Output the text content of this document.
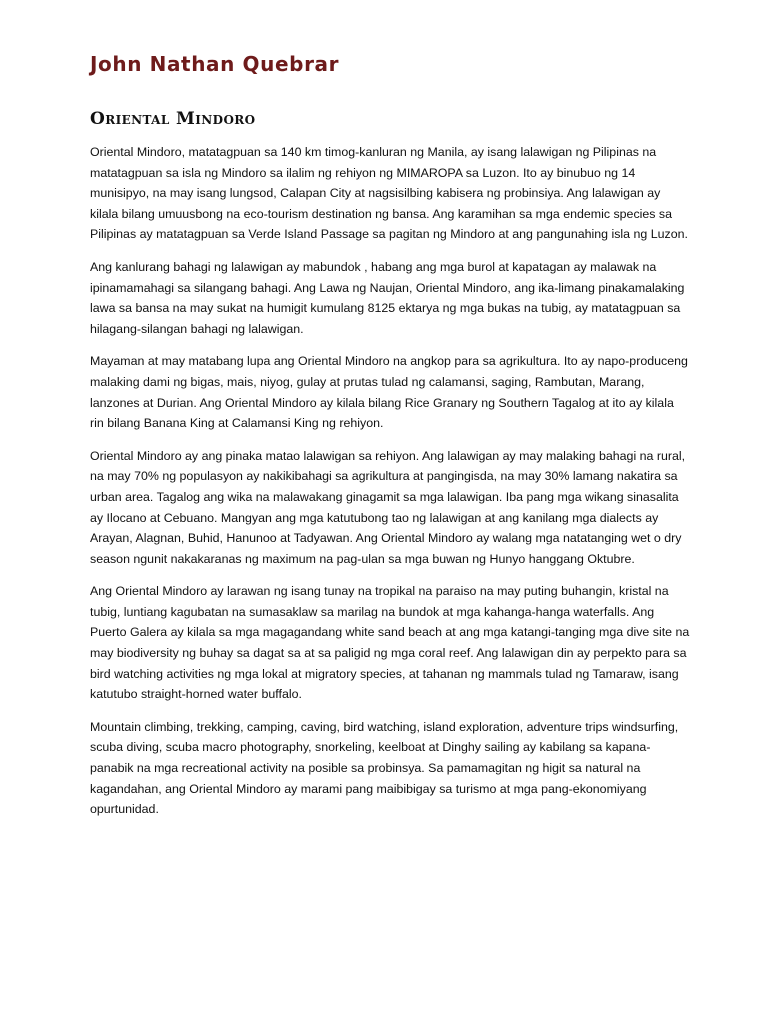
John Nathan Quebrar
Oriental Mindoro

Oriental Mindoro, matatagpuan sa 140 km timog-kanluran ng Manila, ay isang lalawigan ng Pilipinas na matatagpuan sa isla ng Mindoro sa ilalim ng rehiyon ng MIMAROPA sa Luzon. Ito ay binubuo ng 14 munisipyo, na may isang lungsod, Calapan City at nagsisilbing kabisera ng probinsiya. Ang lalawigan ay kilala bilang umuusbong na eco-tourism destination ng bansa. Ang karamihan sa mga endemic species sa Pilipinas ay matatagpuan sa Verde Island Passage sa pagitan ng Mindoro at ang pangunahing isla ng Luzon.

Ang kanlurang bahagi ng lalawigan ay mabundok , habang ang mga burol at kapatagan ay malawak na ipinamamahagi sa silangang bahagi. Ang Lawa ng Naujan, Oriental Mindoro, ang ika-limang pinakamalaking lawa sa bansa na may sukat na humigit kumulang 8125 ektarya ng mga bukas na tubig, ay matatagpuan sa hilagang-silangan bahagi ng lalawigan.

Mayaman at may matabang lupa ang Oriental Mindoro na angkop para sa agrikultura. Ito ay napo-produceng malaking dami ng bigas, mais, niyog, gulay at prutas tulad ng calamansi, saging, Rambutan, Marang, lanzones at Durian. Ang Oriental Mindoro ay kilala bilang Rice Granary ng Southern Tagalog at ito ay kilala rin bilang Banana King at Calamansi King ng rehiyon.

Oriental Mindoro ay ang pinaka matao lalawigan sa rehiyon. Ang lalawigan ay may malaking bahagi na rural, na may 70% ng populasyon ay nakikibahagi sa agrikultura at pangingisda, na may 30% lamang nakatira sa urban area. Tagalog ang wika na malawakang ginagamit sa mga lalawigan. Iba pang mga wikang sinasalita ay Ilocano at Cebuano. Mangyan ang mga katutubong tao ng lalawigan at ang kanilang mga dialects ay Arayan, Alagnan, Buhid, Hanunoo at Tadyawan. Ang Oriental Mindoro ay walang mga natatanging wet o dry season ngunit nakakaranas ng maximum na pag-ulan sa mga buwan ng Hunyo hanggang Oktubre.

Ang Oriental Mindoro ay larawan ng isang tunay na tropikal na paraiso na may puting buhangin, kristal na tubig, luntiang kagubatan na sumasaklaw sa marilag na bundok at mga kahanga-hanga waterfalls. Ang Puerto Galera ay kilala sa mga magagandang white sand beach at ang mga katangi-tanging mga dive site na may biodiversity ng buhay sa dagat sa at sa paligid ng mga coral reef. Ang lalawigan din ay perpekto para sa bird watching activities ng mga lokal at migratory species, at tahanan ng mammals tulad ng Tamaraw, isang katutubo straight-horned water buffalo.

Mountain climbing, trekking, camping, caving, bird watching, island exploration, adventure trips windsurfing, scuba diving, scuba macro photography, snorkeling, keelboat at Dinghy sailing ay kabilang sa kapana-panabik na mga recreational activity na posible sa probinsya. Sa pamamagitan ng higit sa natural na kagandahan, ang Oriental Mindoro ay marami pang maibibigay sa turismo at mga pang-ekonomiyang opurtunidad.
